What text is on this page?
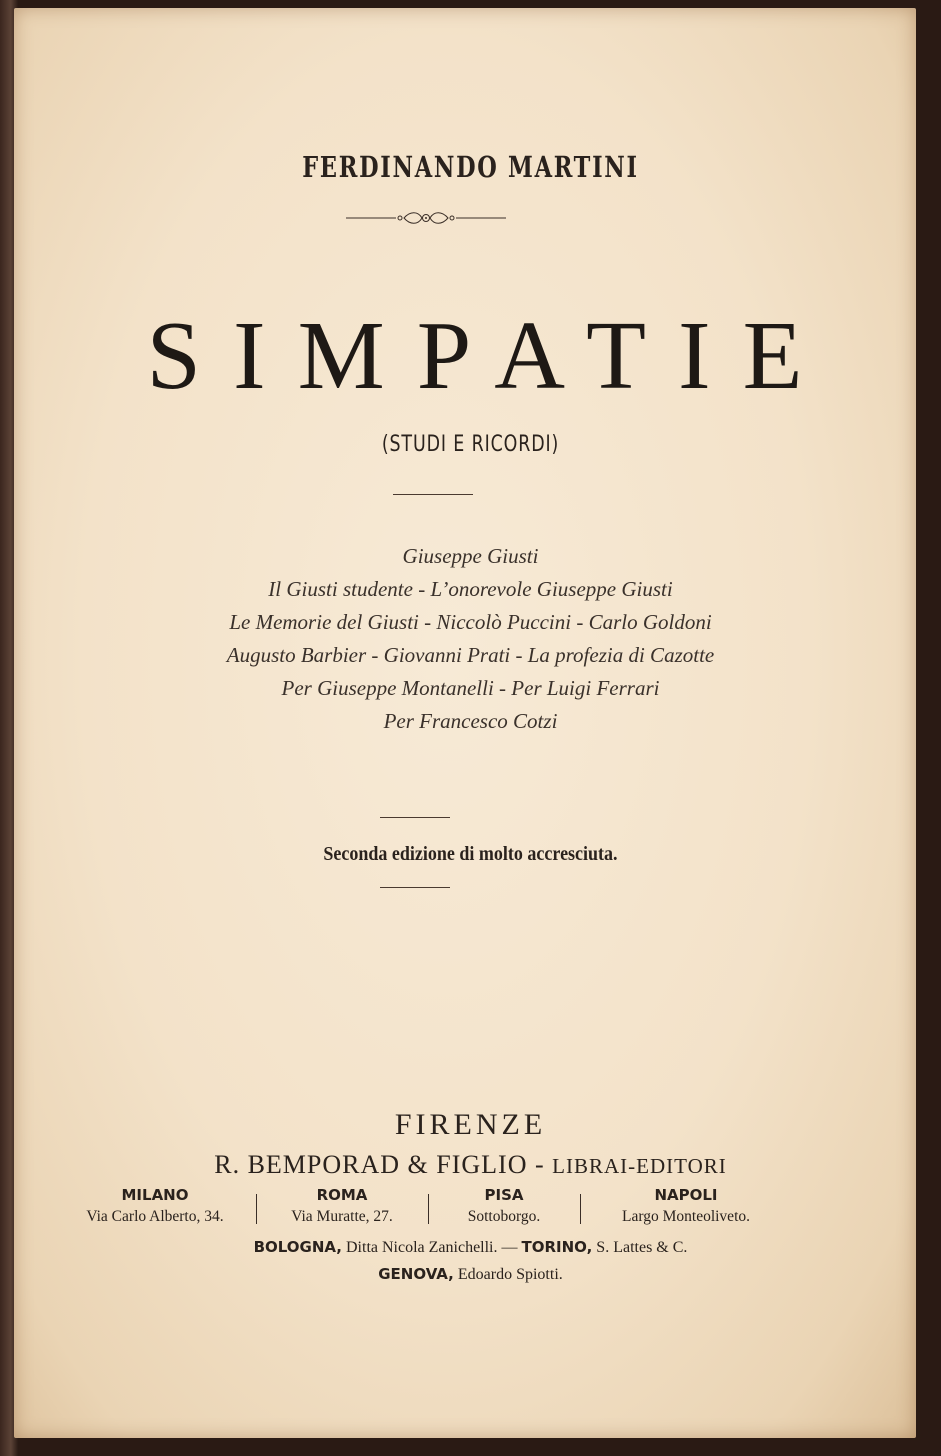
FERDINANDO MARTINI
SIMPATIE
(STUDI E RICORDI)
Giuseppe Giusti
Il Giusti studente - L’onorevole Giuseppe Giusti
Le Memorie del Giusti - Niccolò Puccini - Carlo Goldoni
Augusto Barbier - Giovanni Prati - La profezia di Cazotte
Per Giuseppe Montanelli - Per Luigi Ferrari
Per Francesco Cotzi
Seconda edizione di molto accresciuta.
FIRENZE
R. BEMPORAD & FIGLIO - LIBRAI-EDITORI
MILANO
Via Carlo Alberto, 34.
ROMA
Via Muratte, 27.
PISA
Sottoborgo.
NAPOLI
Largo Monteoliveto.
BOLOGNA, Ditta Nicola Zanichelli. — TORINO, S. Lattes & C.
GENOVA, Edoardo Spiotti.
